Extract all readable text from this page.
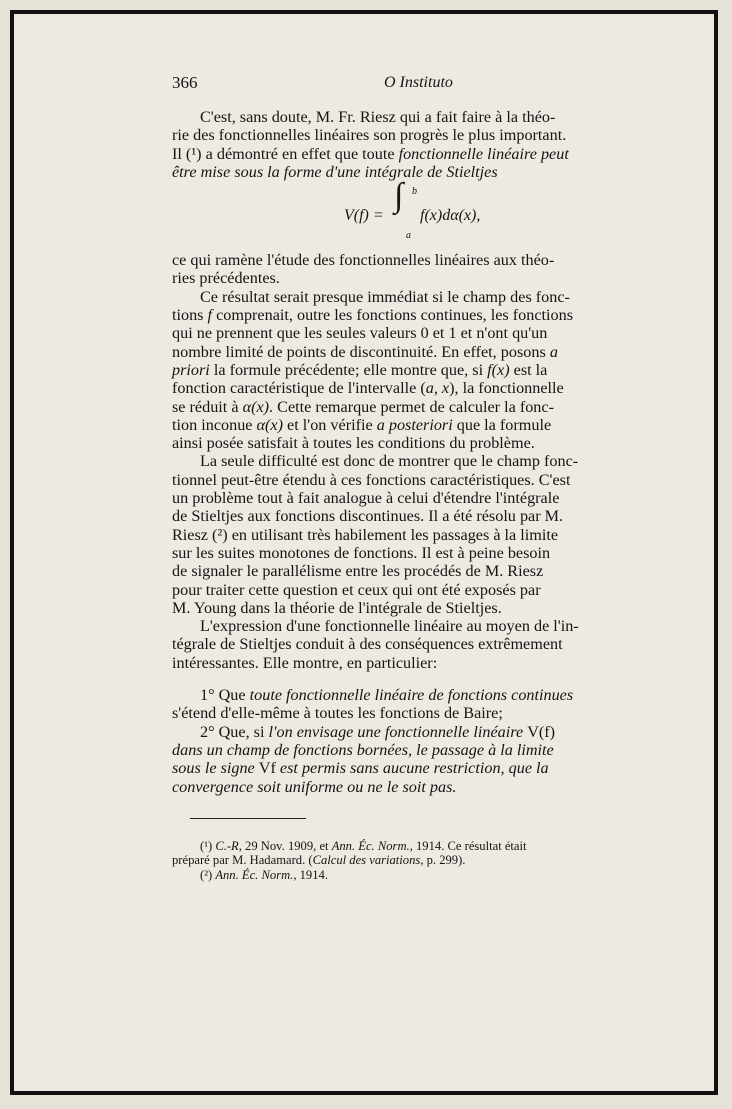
366	O Instituto

C'est, sans doute, M. Fr. Riesz qui a fait faire à la théo-
rie des fonctionnelles linéaires son progrès le plus important.
Il (¹) a démontré en effet que toute fonctionnelle linéaire peut
être mise sous la forme d'une intégrale de Stieltjes

V(f) =
∫ b
a
f(x)dα(x),

ce qui ramène l'étude des fonctionnelles linéaires aux théo-
ries précédentes.

Ce résultat serait presque immédiat si le champ des fonc-
tions f comprenait, outre les fonctions continues, les fonctions
qui ne prennent que les seules valeurs 0 et 1 et n'ont qu'un
nombre limité de points de discontinuité. En effet, posons a
priori la formule précédente; elle montre que, si f(x) est la
fonction caractéristique de l'intervalle (a, x), la fonctionnelle
se réduit à α(x). Cette remarque permet de calculer la fonc-
tion inconue α(x) et l'on vérifie a posteriori que la formule
ainsi posée satisfait à toutes les conditions du problème.

La seule difficulté est donc de montrer que le champ fonc-
tionnel peut-être étendu à ces fonctions caractéristiques. C'est
un problème tout à fait analogue à celui d'étendre l'intégrale
de Stieltjes aux fonctions discontinues. Il a été résolu par M.
Riesz (²) en utilisant très habilement les passages à la limite
sur les suites monotones de fonctions. Il est à peine besoin
de signaler le parallélisme entre les procédés de M. Riesz
pour traiter cette question et ceux qui ont été exposés par
M. Young dans la théorie de l'intégrale de Stieltjes.

L'expression d'une fonctionnelle linéaire au moyen de l'in-
tégrale de Stieltjes conduit à des conséquences extrêmement
intéressantes. Elle montre, en particulier:

1° Que toute fonctionnelle linéaire de fonctions continues
s'étend d'elle-même à toutes les fonctions de Baire;

2° Que, si l'on envisage une fonctionnelle linéaire V(f)
dans un champ de fonctions bornées, le passage à la limite
sous le signe Vf est permis sans aucune restriction, que la
convergence soit uniforme ou ne le soit pas.

(¹) C.-R, 29 Nov. 1909, et Ann. Éc. Norm., 1914. Ce résultat était
préparé par M. Hadamard. (Calcul des variations, p. 299).

(²) Ann. Éc. Norm., 1914.
